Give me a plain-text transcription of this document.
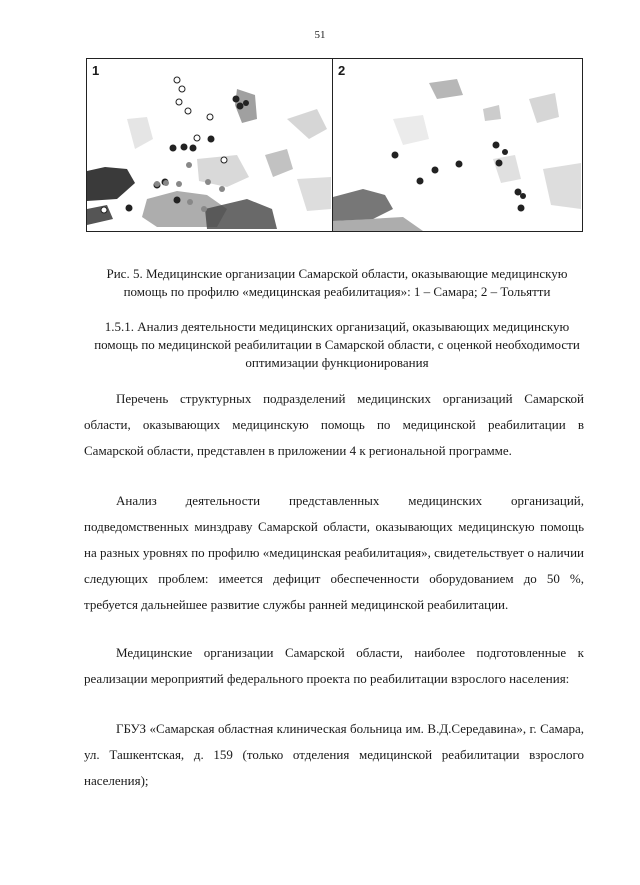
51
1	2
Рис. 5. Медицинские организации Самарской области, оказывающие медицинскую помощь по профилю «медицинская реабилитация»: 1 – Самара; 2 – Тольятти
1.5.1. Анализ деятельности медицинских организаций, оказывающих медицинскую помощь по медицинской реабилитации в Самарской области, с оценкой необходимости оптимизации функционирования

Перечень структурных подразделений медицинских организаций Самарской области, оказывающих медицинскую помощь по медицинской реабилитации в Самарской области, представлен в приложении 4 к региональной программе.

Анализ деятельности представленных медицинских организаций, подведомственных минздраву Самарской области, оказывающих медицинскую помощь на разных уровнях по профилю «медицинская реабилитация», свидетельствует о наличии следующих проблем: имеется дефицит обеспеченности оборудованием до 50 %, требуется дальнейшее развитие службы ранней медицинской реабилитации.

Медицинские организации Самарской области, наиболее подготовленные к реализации мероприятий федерального проекта по реабилитации взрослого населения:

ГБУЗ «Самарская областная клиническая больница им. В.Д.Середавина», г. Самара, ул. Ташкентская, д. 159 (только отделения медицинской реабилитации взрослого населения);
